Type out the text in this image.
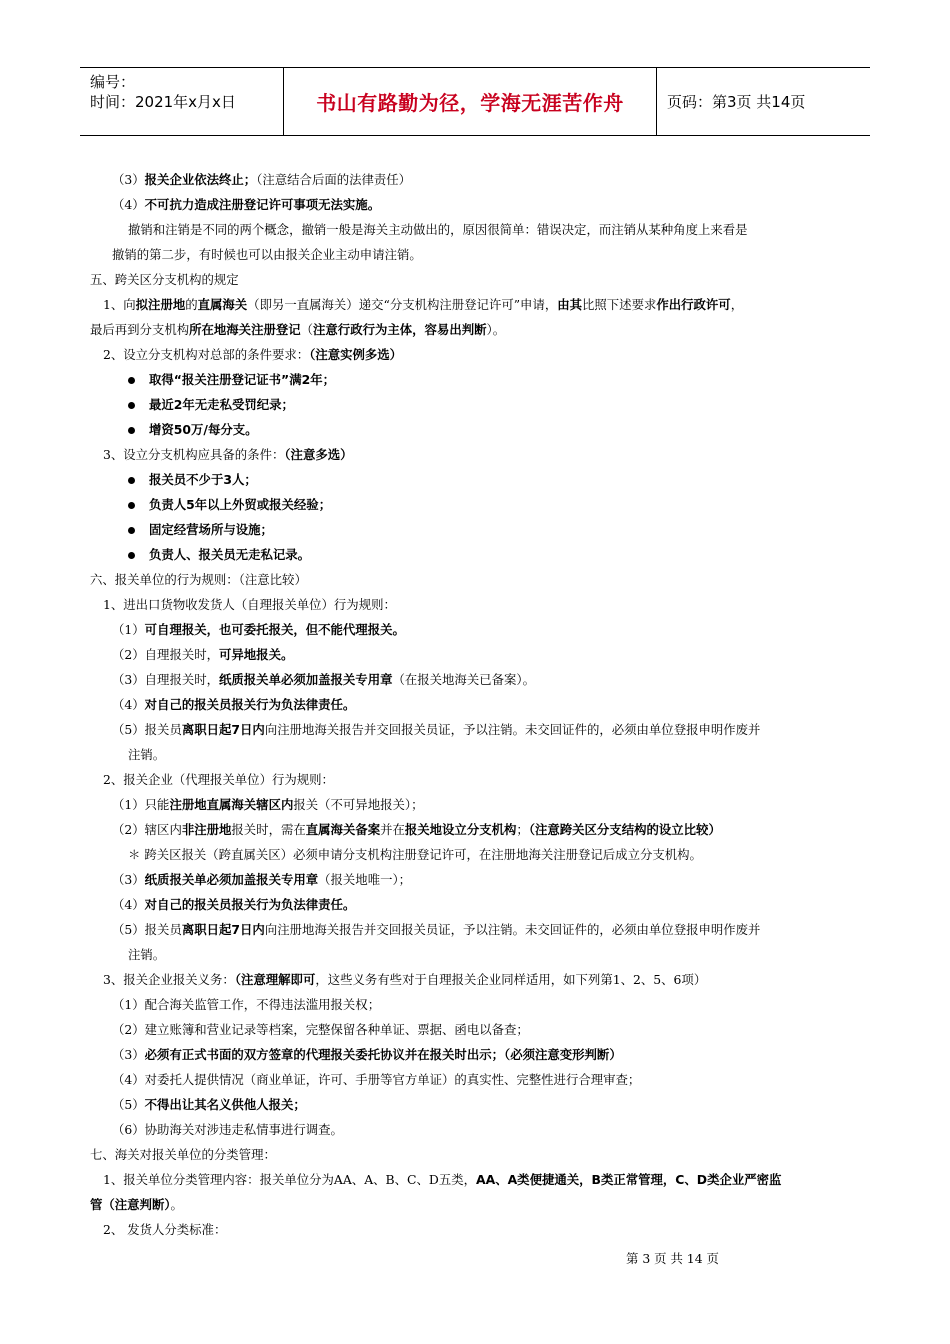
编号：
时间：2021年x月x日	书山有路勤为径，学海无涯苦作舟	页码：第3页 共14页
（3）报关企业依法终止；（注意结合后面的法律责任）
（4）不可抗力造成注册登记许可事项无法实施。
撤销和注销是不同的两个概念，撤销一般是海关主动做出的，原因很简单：错误决定，而注销从某种角度上来看是
撤销的第二步，有时候也可以由报关企业主动申请注销。
五、跨关区分支机构的规定
1、向拟注册地的直属海关（即另一直属海关）递交“分支机构注册登记许可”申请，由其比照下述要求作出行政许可，
最后再到分支机构所在地海关注册登记（注意行政行为主体，容易出判断）。
2、设立分支机构对总部的条件要求：（注意实例多选）
取得“报关注册登记证书”满2年；
最近2年无走私受罚纪录；
增资50万/每分支。
3、设立分支机构应具备的条件：（注意多选）
报关员不少于3人；
负责人5年以上外贸或报关经验；
固定经营场所与设施；
负责人、报关员无走私记录。
六、报关单位的行为规则：（注意比较）
1、进出口货物收发货人（自理报关单位）行为规则：
（1）可自理报关，也可委托报关，但不能代理报关。
（2）自理报关时，可异地报关。
（3）自理报关时，纸质报关单必须加盖报关专用章（在报关地海关已备案）。
（4）对自己的报关员报关行为负法律责任。
（5）报关员离职日起7日内向注册地海关报告并交回报关员证，予以注销。未交回证件的，必须由单位登报申明作废并
注销。
2、报关企业（代理报关单位）行为规则：
（1）只能注册地直属海关辖区内报关（不可异地报关）；
（2）辖区内非注册地报关时，需在直属海关备案并在报关地设立分支机构；（注意跨关区分支结构的设立比较）
＊ 跨关区报关（跨直属关区）必须申请分支机构注册登记许可，在注册地海关注册登记后成立分支机构。
（3）纸质报关单必须加盖报关专用章（报关地唯一）；
（4）对自己的报关员报关行为负法律责任。
（5）报关员离职日起7日内向注册地海关报告并交回报关员证，予以注销。未交回证件的，必须由单位登报申明作废并
注销。
3、报关企业报关义务：（注意理解即可，这些义务有些对于自理报关企业同样适用，如下列第1、2、5、6项）
（1）配合海关监管工作，不得违法滥用报关权；
（2）建立账簿和营业记录等档案，完整保留各种单证、票据、函电以备查；
（3）必须有正式书面的双方签章的代理报关委托协议并在报关时出示；（必须注意变形判断）
（4）对委托人提供情况（商业单证，许可、手册等官方单证）的真实性、完整性进行合理审查；
（5）不得出让其名义供他人报关；
（6）协助海关对涉违走私情事进行调查。
七、海关对报关单位的分类管理：
1、报关单位分类管理内容：报关单位分为AA、A、B、C、D五类，AA、A类便捷通关，B类正常管理，C、D类企业严密监
管（注意判断）。
2、 发货人分类标准：
第 3 页 共 14 页
